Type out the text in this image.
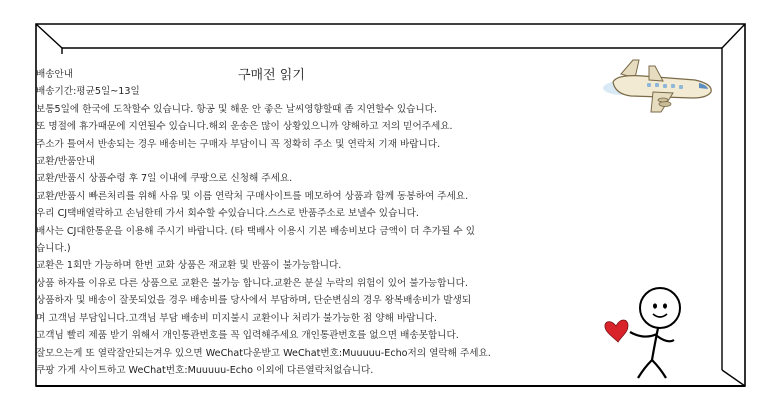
구매전 읽기
배송안내
배송기간:평균5일~13일
보통5일에 한국에 도착할수 있습니다. 항공 및 해운 안 좋은 날씨영향할때 좀 지연할수 있습니다.
또 명절에 휴가때문에 지연될수 있습니다.해외 운송은 많이 상황있으니까 양해하고 저의 믿어주세요.
주소가 틀여서 반송되는 경우 배송비는 구매자 부담이니 꼭 정확히 주소 및 연락처 기재 바랍니다.
교환/반품안내
교환/반품시 상품수령 후 7일 이내에 쿠팡으로 신청해 주세요.
교환/반품시 빠른처리를 위해 사유 및 이름 연락처 구매사이트를 메모하여 상품과 함께 동봉하여 주세요.
우리 CJ택배열락하고 손님한테 가서 회수할 수있습니다.스스로 반품주소로 보낼수 있습니다.
배사는 CJ대한통운을 이용해 주시기 바랍니다. (타 택배사 이용시 기본 배송비보다 금액이 더 추가될 수 있
습니다.)
교환은 1회만 가능하며 한번 교화 상품은 재교환 및 반품이 불가능합니다.
상품 하자를 이유로 다른 상품으로 교환은 불가능 합니다.교환은 분실 누락의 위험이 있어 불가능합니다.
상품하자 및 배송이 잘못되었을 경우 배송비를 당사에서 부담하며, 단순변심의 경우 왕복배송비가 발생되
며 고객님 부담입니다.고객님 부담 배송비 미지불시 교환이나 처리가 불가능한 점 양해 바랍니다.
고객님 빨리 제품 받기 위해서 개인통관번호를 꼭 입력해주세요 개인통관번호를 없으면 배송못합니다.
잘모으는게 또 열락잘안되는겨우 있으면 WeChat다운받고 WeChat번호:Muuuuu-Echo저의 열락해 주세요.
쿠팡 가게 사이트하고 WeChat번호:Muuuuu-Echo 이외에 다른열락처없습니다.
